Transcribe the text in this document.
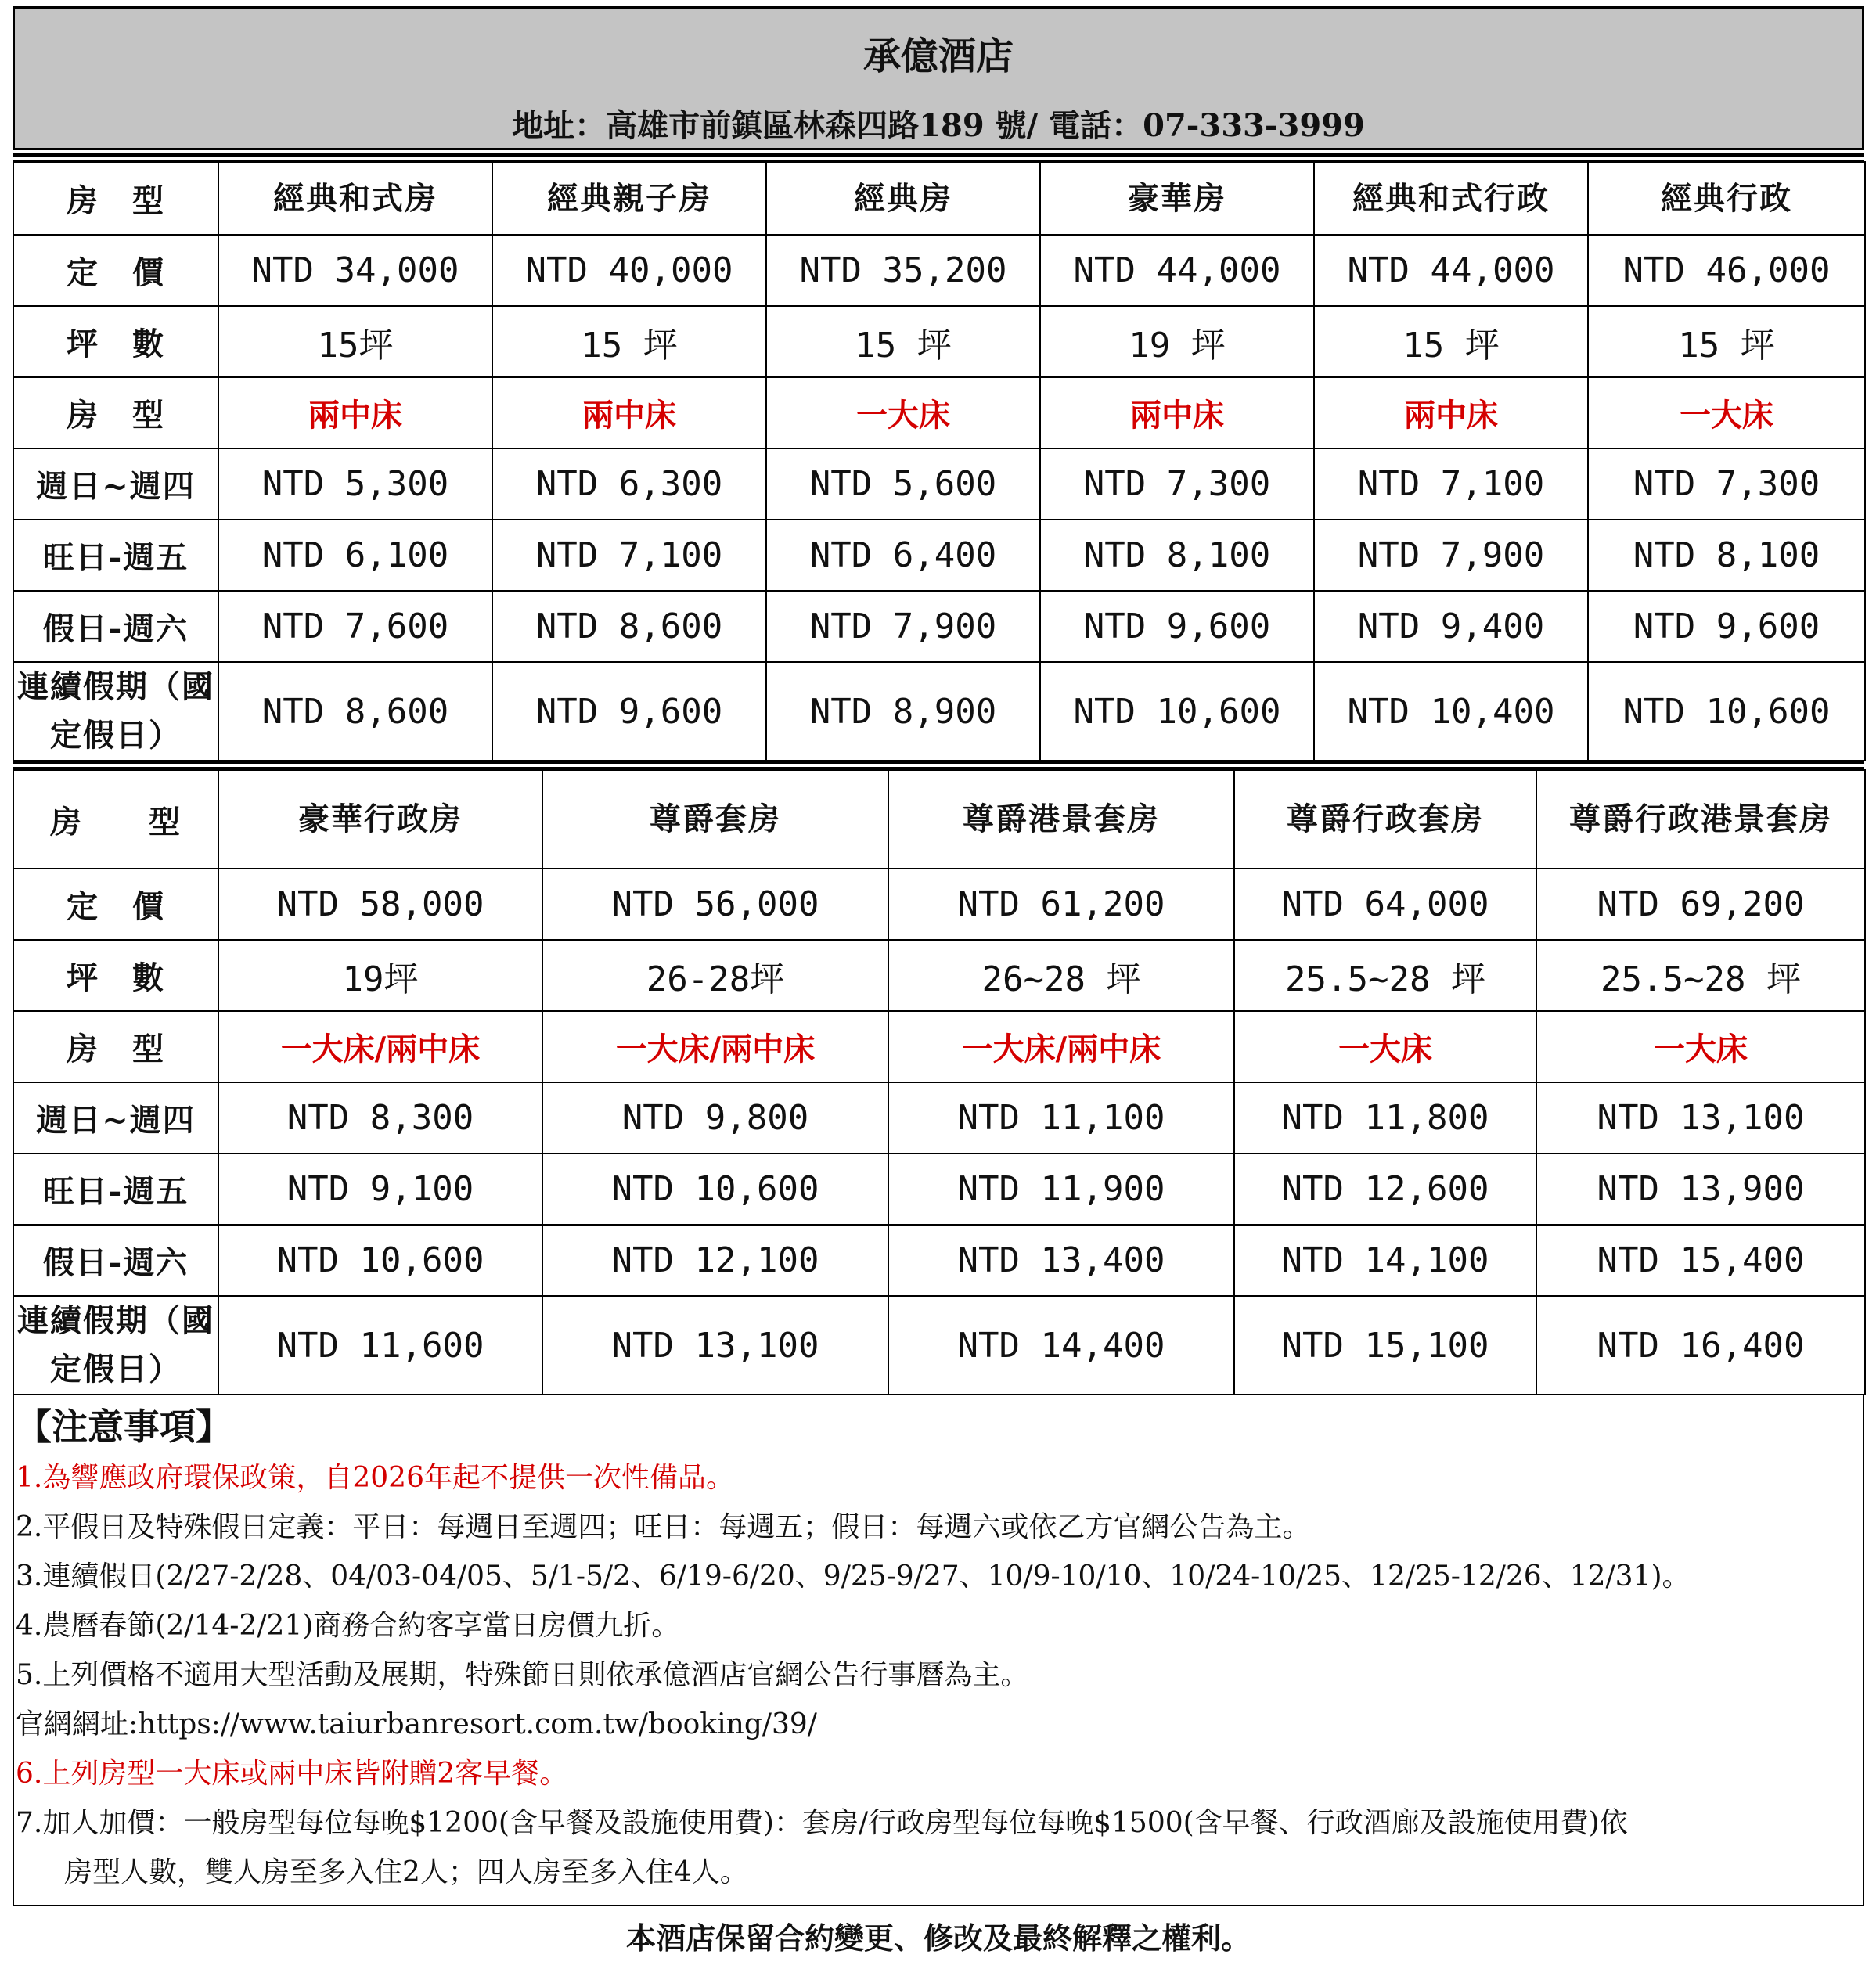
承億酒店
地址：高雄市前鎮區林森四路189 號/ 電話：07-333-3999
房　型	經典和式房	經典親子房	經典房	豪華房	經典和式行政	經典行政
定　價	NTD 34,000	NTD 40,000	NTD 35,200	NTD 44,000	NTD 44,000	NTD 46,000
坪　數	15坪	15 坪	15 坪	19 坪	15 坪	15 坪
房　型	兩中床	兩中床	一大床	兩中床	兩中床	一大床
週日~週四	NTD 5,300	NTD 6,300	NTD 5,600	NTD 7,300	NTD 7,100	NTD 7,300
旺日-週五	NTD 6,100	NTD 7,100	NTD 6,400	NTD 8,100	NTD 7,900	NTD 8,100
假日-週六	NTD 7,600	NTD 8,600	NTD 7,900	NTD 9,600	NTD 9,400	NTD 9,600
連續假期（國定假日）	NTD 8,600	NTD 9,600	NTD 8,900	NTD 10,600	NTD 10,400	NTD 10,600
房　　型	豪華行政房	尊爵套房	尊爵港景套房	尊爵行政套房	尊爵行政港景套房
定　價	NTD 58,000	NTD 56,000	NTD 61,200	NTD 64,000	NTD 69,200
坪　數	19坪	26-28坪	26~28 坪	25.5~28 坪	25.5~28 坪
房　型	一大床/兩中床	一大床/兩中床	一大床/兩中床	一大床	一大床
週日~週四	NTD 8,300	NTD 9,800	NTD 11,100	NTD 11,800	NTD 13,100
旺日-週五	NTD 9,100	NTD 10,600	NTD 11,900	NTD 12,600	NTD 13,900
假日-週六	NTD 10,600	NTD 12,100	NTD 13,400	NTD 14,100	NTD 15,400
連續假期（國定假日）	NTD 11,600	NTD 13,100	NTD 14,400	NTD 15,100	NTD 16,400
【注意事項】
1.為響應政府環保政策，自2026年起不提供一次性備品。
2.平假日及特殊假日定義：平日：每週日至週四；旺日：每週五；假日：每週六或依乙方官網公告為主。
3.連續假日(2/27-2/28、04/03-04/05、5/1-5/2、6/19-6/20、9/25-9/27、10/9-10/10、10/24-10/25、12/25-12/26、12/31)。
4.農曆春節(2/14-2/21)商務合約客享當日房價九折。
5.上列價格不適用大型活動及展期，特殊節日則依承億酒店官網公告行事曆為主。
官網網址:https://www.taiurbanresort.com.tw/booking/39/
6.上列房型一大床或兩中床皆附贈2客早餐。
7.加人加價：一般房型每位每晚$1200(含早餐及設施使用費)：套房/行政房型每位每晚$1500(含早餐、行政酒廊及設施使用費)依
房型人數，雙人房至多入住2人；四人房至多入住4人。
本酒店保留合約變更、修改及最終解釋之權利。
